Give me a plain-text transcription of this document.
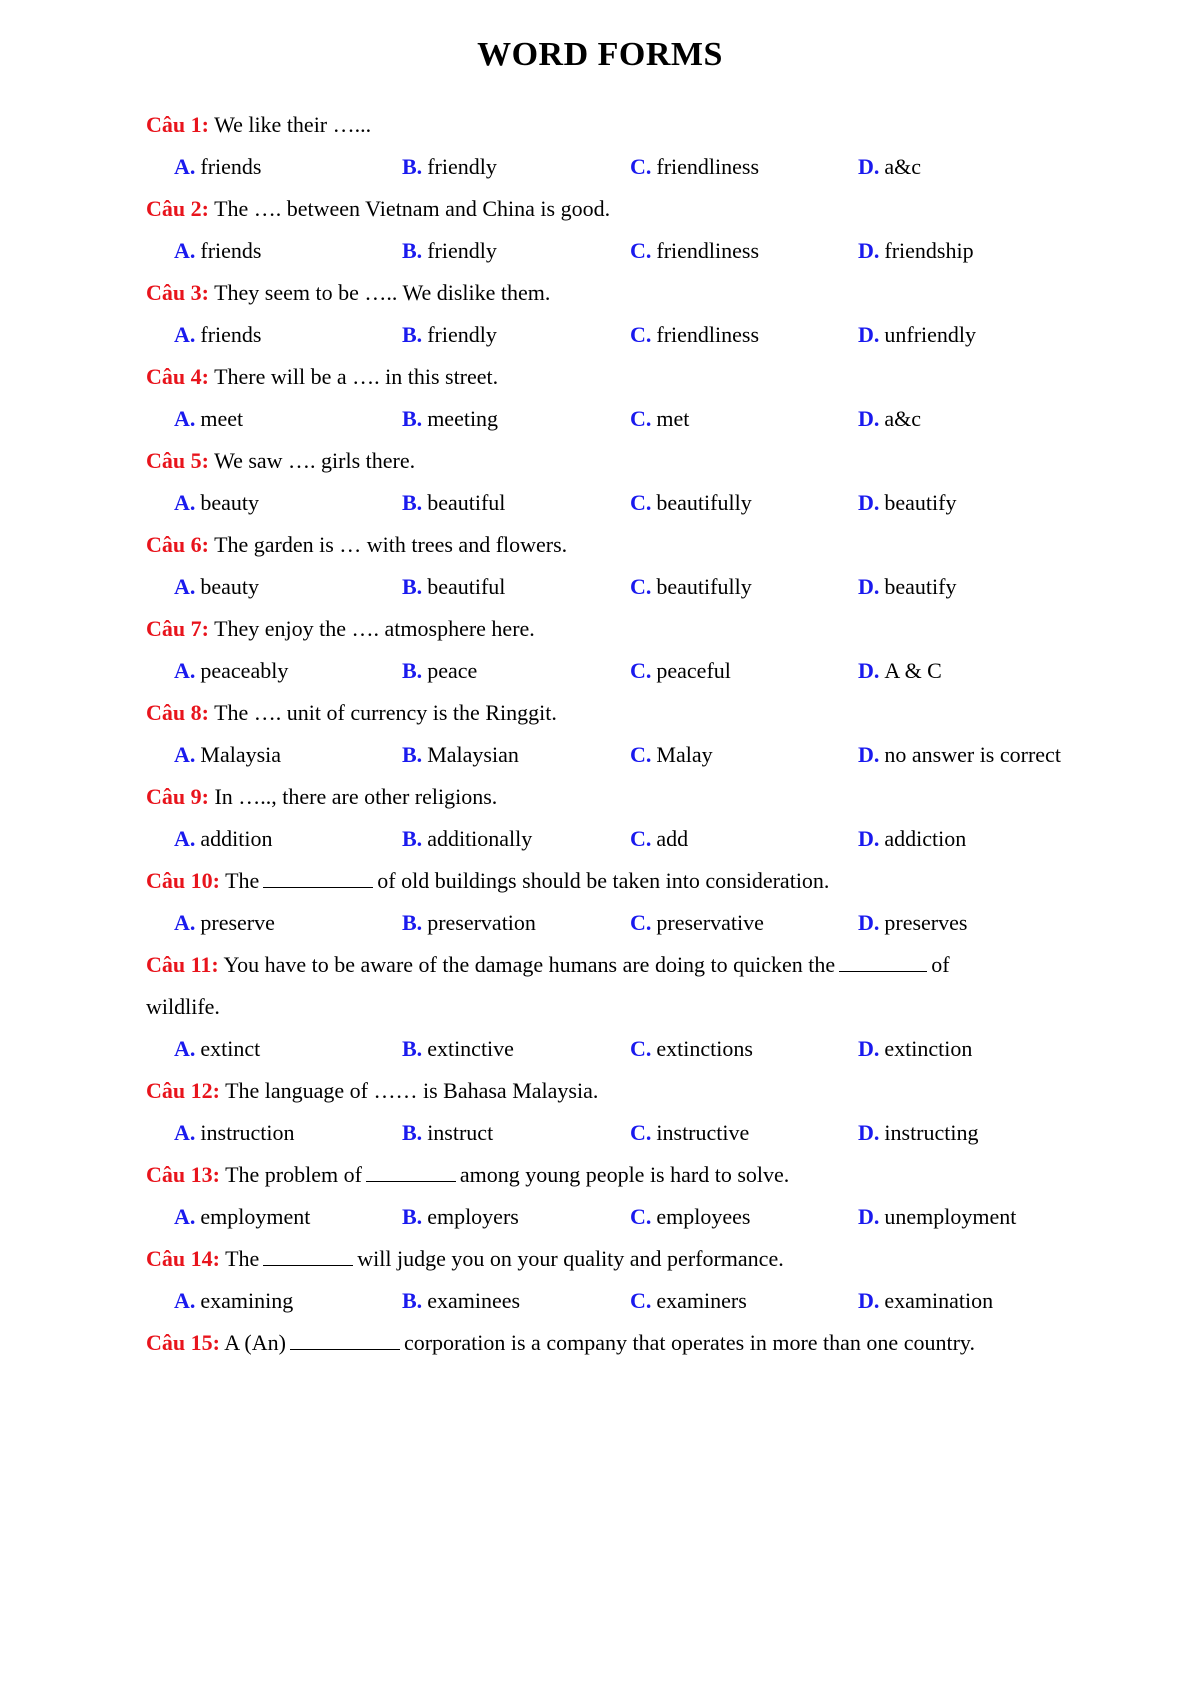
WORD FORMS
Câu 1: We like their …...
A. friends	B. friendly	C. friendliness	D. a&c
Câu 2: The …. between Vietnam and China is good.
A. friends	B. friendly	C. friendliness	D. friendship
Câu 3: They seem to be ….. We dislike them.
A. friends	B. friendly	C. friendliness	D. unfriendly
Câu 4: There will be a …. in this street.
A. meet	B. meeting	C. met	D. a&c
Câu 5: We saw …. girls there.
A. beauty	B. beautiful	C. beautifully	D. beautify
Câu 6: The garden is … with trees and flowers.
A. beauty	B. beautiful	C. beautifully	D. beautify
Câu 7: They enjoy the …. atmosphere here.
A. peaceably	B. peace	C. peaceful	D. A & C
Câu 8: The …. unit of currency is the Ringgit.
A. Malaysia	B. Malaysian	C. Malay	D. no answer is correct
Câu 9: In ….., there are other religions.
A. addition	B. additionally	C. add	D. addiction
Câu 10: The	of old buildings should be taken into consideration.
A. preserve	B. preservation	C. preservative	D. preserves
Câu 11: You have to be aware of the damage humans are doing to quicken the	of
wildlife.
A. extinct	B. extinctive	C. extinctions	D. extinction
Câu 12: The language of …… is Bahasa Malaysia.
A. instruction	B. instruct	C. instructive	D. instructing
Câu 13: The problem of	among young people is hard to solve.
A. employment	B. employers	C. employees	D. unemployment
Câu 14: The	will judge you on your quality and performance.
A. examining	B. examinees	C. examiners	D. examination
Câu 15: A (An)	corporation is a company that operates in more than one country.
